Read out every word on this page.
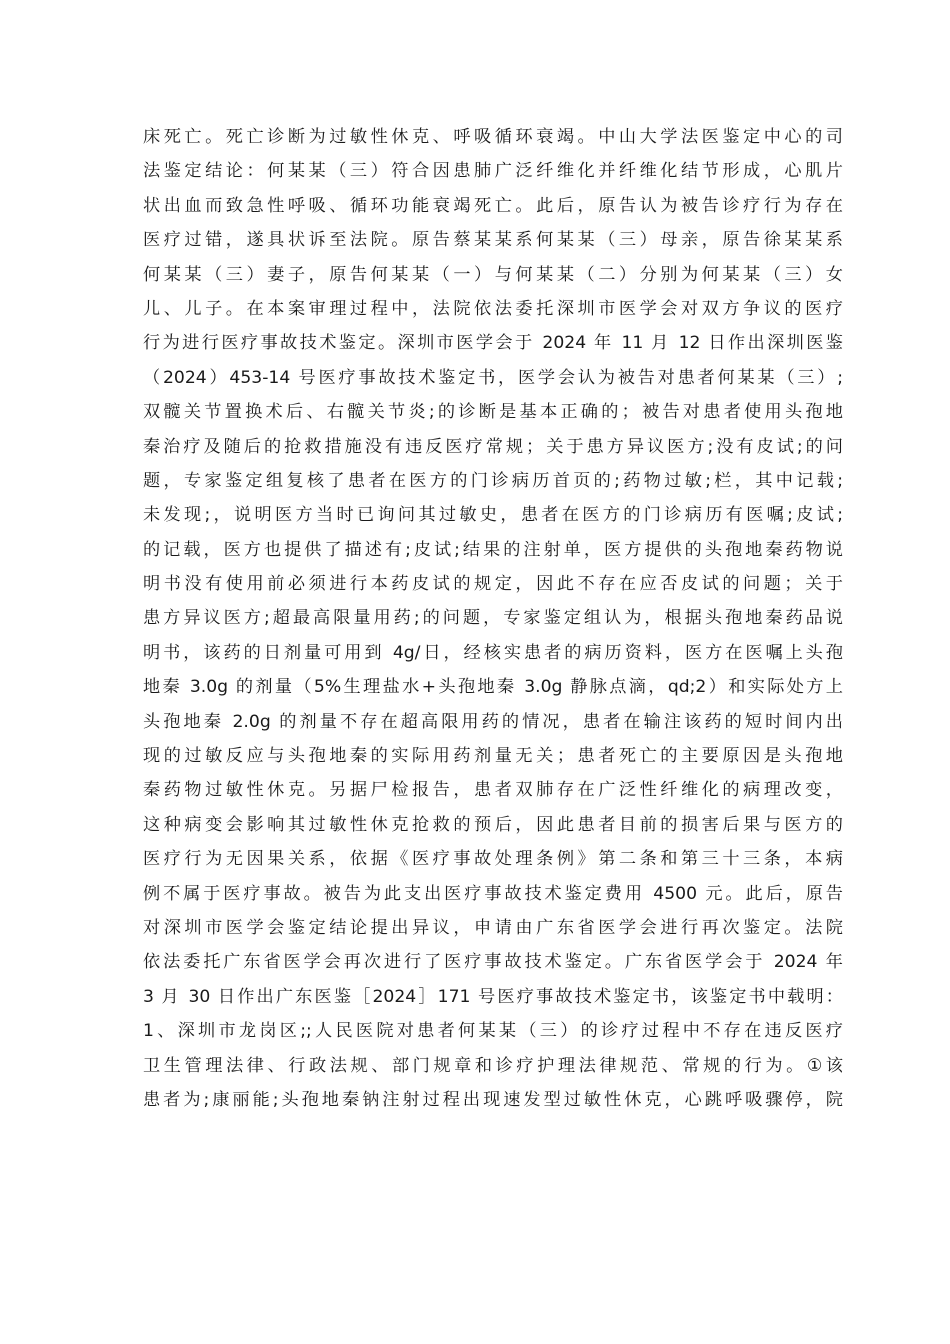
床死亡。死亡诊断为过敏性休克、呼吸循环衰竭。中山大学法医鉴定中心的司
法鉴定结论：何某某（三）符合因患肺广泛纤维化并纤维化结节形成，心肌片
状出血而致急性呼吸、循环功能衰竭死亡。此后，原告认为被告诊疗行为存在
医疗过错，遂具状诉至法院。原告蔡某某系何某某（三）母亲，原告徐某某系
何某某（三）妻子，原告何某某（一）与何某某（二）分别为何某某（三）女
儿、儿子。在本案审理过程中，法院依法委托深圳市医学会对双方争议的医疗
行为进行医疗事故技术鉴定。深圳市医学会于 2024 年 11 月 12 日作出深圳医鉴
（2024）453-14 号医疗事故技术鉴定书，医学会认为被告对患者何某某（三）;
双髋关节置换术后、右髋关节炎;的诊断是基本正确的；被告对患者使用头孢地
秦治疗及随后的抢救措施没有违反医疗常规；关于患方异议医方;没有皮试;的问
题，专家鉴定组复核了患者在医方的门诊病历首页的;药物过敏;栏，其中记载;
未发现;，说明医方当时已询问其过敏史，患者在医方的门诊病历有医嘱;皮试;
的记载，医方也提供了描述有;皮试;结果的注射单，医方提供的头孢地秦药物说
明书没有使用前必须进行本药皮试的规定，因此不存在应否皮试的问题；关于
患方异议医方;超最高限量用药;的问题，专家鉴定组认为，根据头孢地秦药品说
明书，该药的日剂量可用到 4g/日，经核实患者的病历资料，医方在医嘱上头孢
地秦 3.0g 的剂量（5%生理盐水+头孢地秦 3.0g 静脉点滴，qd;2）和实际处方上
头孢地秦 2.0g 的剂量不存在超高限用药的情况，患者在输注该药的短时间内出
现的过敏反应与头孢地秦的实际用药剂量无关；患者死亡的主要原因是头孢地
秦药物过敏性休克。另据尸检报告，患者双肺存在广泛性纤维化的病理改变，
这种病变会影响其过敏性休克抢救的预后，因此患者目前的损害后果与医方的
医疗行为无因果关系，依据《医疗事故处理条例》第二条和第三十三条，本病
例不属于医疗事故。被告为此支出医疗事故技术鉴定费用 4500 元。此后，原告
对深圳市医学会鉴定结论提出异议，申请由广东省医学会进行再次鉴定。法院
依法委托广东省医学会再次进行了医疗事故技术鉴定。广东省医学会于 2024 年
3 月 30 日作出广东医鉴［2024］171 号医疗事故技术鉴定书，该鉴定书中载明：
1、深圳市龙岗区;;人民医院对患者何某某（三）的诊疗过程中不存在违反医疗
卫生管理法律、行政法规、部门规章和诊疗护理法律规范、常规的行为。①该
患者为;康丽能;头孢地秦钠注射过程出现速发型过敏性休克，心跳呼吸骤停，院
